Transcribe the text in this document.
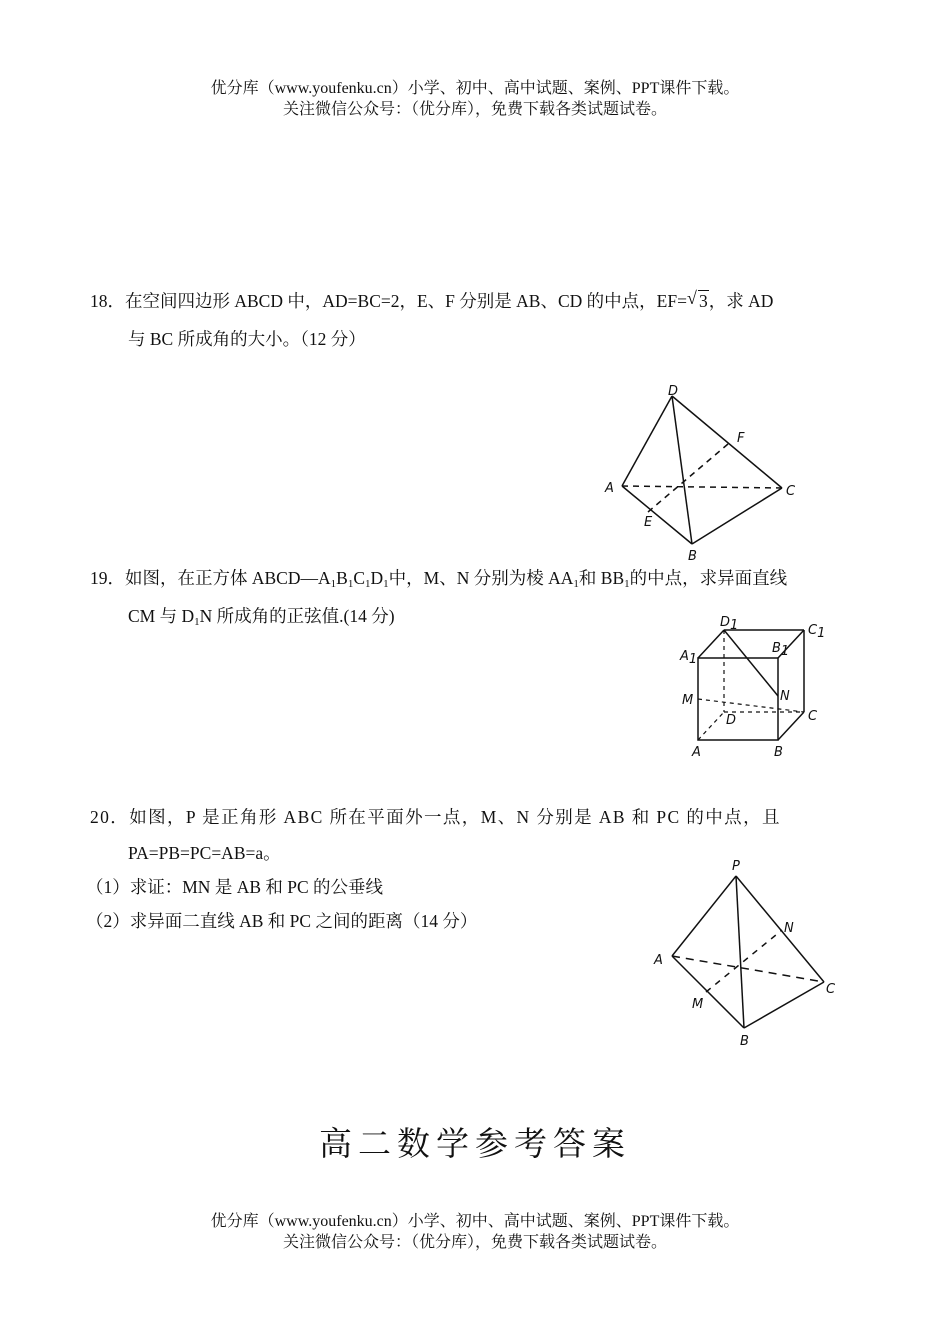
优分库（www.youfenku.cn）小学、初中、高中试题、案例、PPT课件下载。
关注微信公众号：（优分库），免费下载各类试题试卷。
18．在空间四边形 ABCD 中，AD=BC=2，E、F 分别是 AB、CD 的中点，EF= √ 3，求 AD
与 BC 所成角的大小。（12 分）
D
F
A	C
E
B
19．如图，在正方体 $ABCD—A_1B_1C_1D_1$中，M、N 分别为棱 $AA_1$和 $BB_1$的中点，求异面直线
CM 与 $D_1N$ 所成角的正弦值.(14 分)	D1	C1
A1
B1
M	N
D	C
A	B
20．如图，P 是正角形 ABC 所在平面外一点，M、N 分别是 AB 和 PC 的中点，且
PA=PB=PC=AB=a。
（1）求证：MN 是 AB 和 PC 的公垂线
（2）求异面二直线 AB 和 PC 之间的距离（14 分）
P
N
A
C
M
B
高二数学参考答案
优分库（www.youfenku.cn）小学、初中、高中试题、案例、PPT课件下载。
关注微信公众号：（优分库），免费下载各类试题试卷。
